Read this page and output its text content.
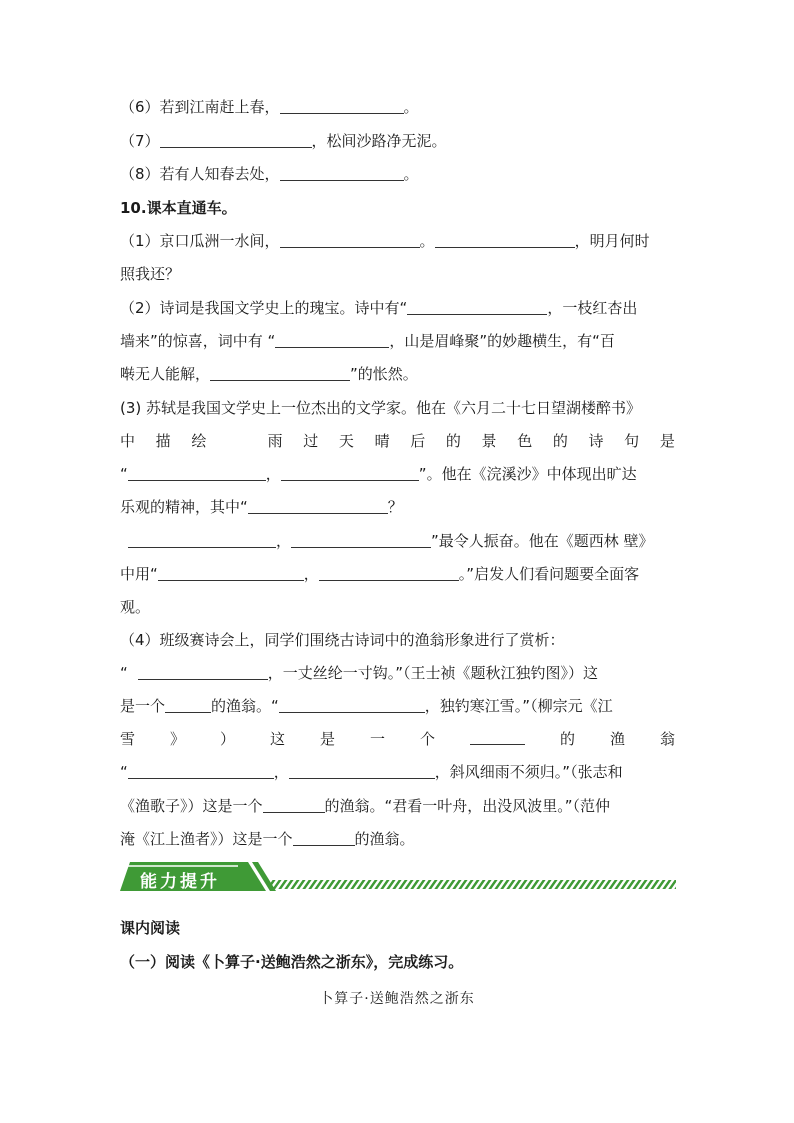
（6）若到江南赶上春，	。
（7）	，松间沙路净无泥。
（8）若有人知春去处，	。
10.课本直通车。
（1）京口瓜洲一水间，	。	，明月何时
照我还？
（2）诗词是我国文学史上的瑰宝。诗中有“	，一枝红杏出
墙来”的惊喜，词中有 “	，山是眉峰聚”的妙趣横生，有“百
啭无人能解，	”的怅然。
(3) 苏轼是我国文学史上一位杰出的文学家。他在《六月二十七日望湖楼醉书》
中 描 绘	雨 过 天 晴 后 的 景 色 的 诗 句 是
“	，	”。他在《浣溪沙》中体现出旷达
乐观的精神，其中“	？
，	”最令人振奋。他在《题西林 壁》
中用“	，	。”启发人们看问题要全面客
观。
（4）班级赛诗会上，同学们围绕古诗词中的渔翁形象进行了赏析：
“	，一丈丝纶一寸钩。”（王士祯《题秋江独钓图》）这
是一个	的渔翁。“	，独钓寒江雪。”（柳宗元《江
雪 》 ） 这 是 一 个	的 渔 翁
“	，	，斜风细雨不须归。”（张志和
《渔歌子》）这是一个	的渔翁。“君看一叶舟，出没风波里。”（范仲
淹《江上渔者》）这是一个	的渔翁。
能力提升
课内阅读
（一）阅读《卜算子·送鲍浩然之浙东》，完成练习。
卜算子·送鲍浩然之浙东
